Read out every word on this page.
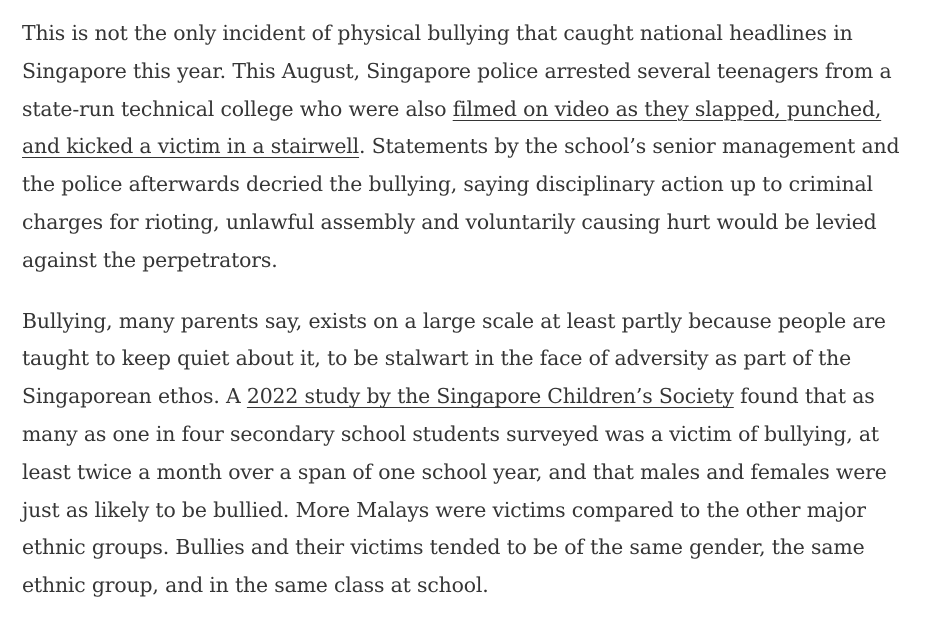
This is not the only incident of physical bullying that caught national headlines in Singapore this year. This August, Singapore police arrested several teenagers from a state-run technical college who were also filmed on video as they slapped, punched, and kicked a victim in a stairwell. Statements by the school’s senior management and the police afterwards decried the bullying, saying disciplinary action up to criminal charges for rioting, unlawful assembly and voluntarily causing hurt would be levied against the perpetrators.

Bullying, many parents say, exists on a large scale at least partly because people are taught to keep quiet about it, to be stalwart in the face of adversity as part of the Singaporean ethos. A 2022 study by the Singapore Children’s Society found that as many as one in four secondary school students surveyed was a victim of bullying, at least twice a month over a span of one school year, and that males and females were just as likely to be bullied. More Malays were victims compared to the other major ethnic groups. Bullies and their victims tended to be of the same gender, the same ethnic group, and in the same class at school.
